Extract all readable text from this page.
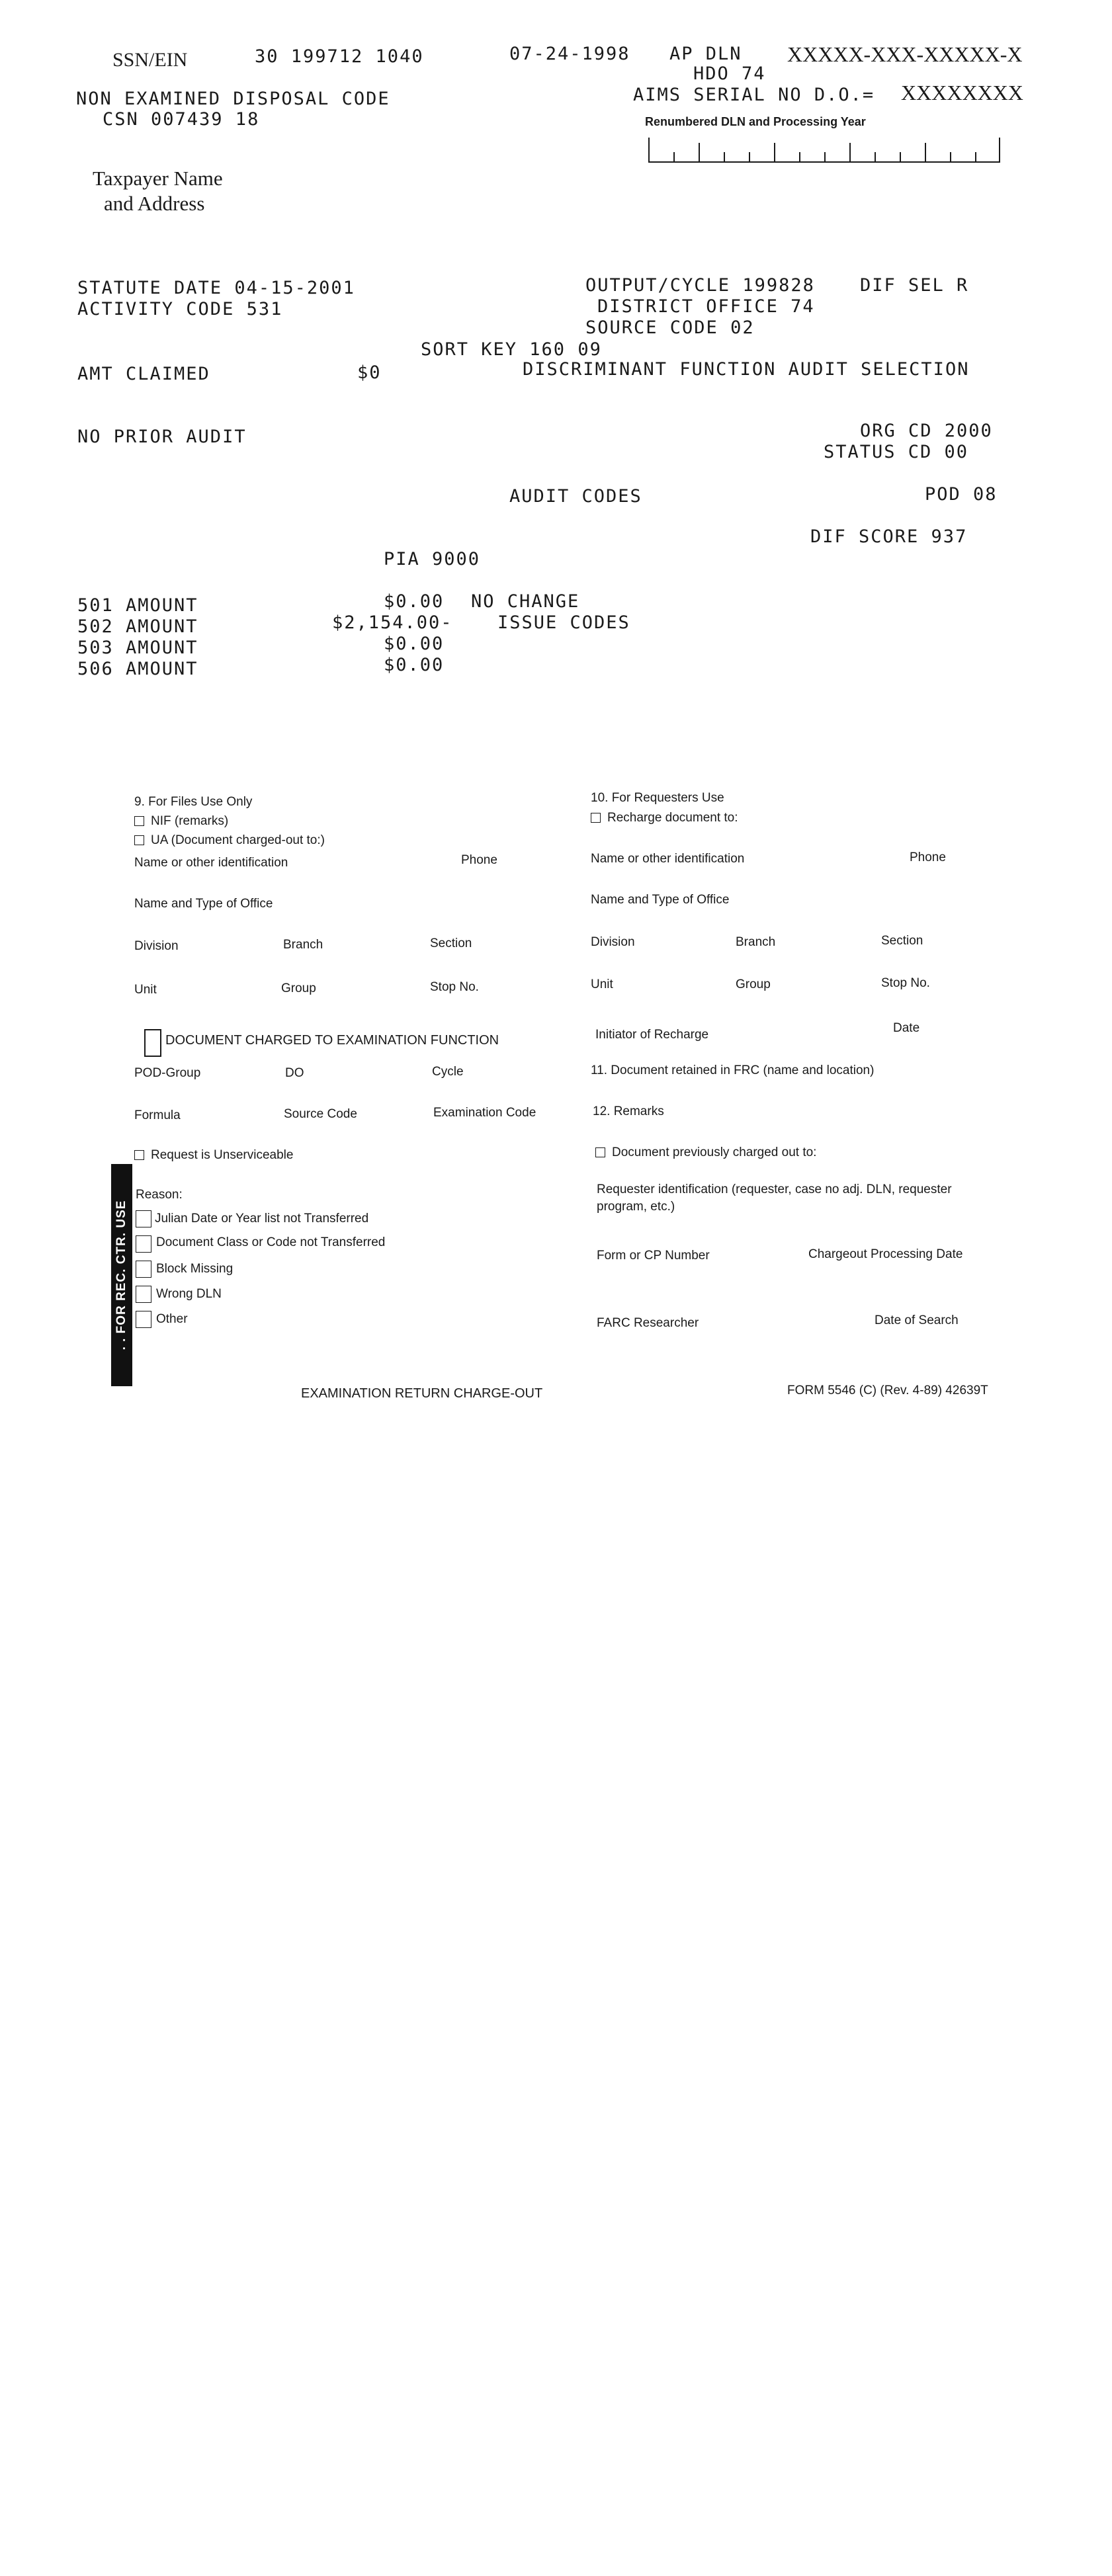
SSN/EIN	30 199712 1040	07-24-1998 AP DLN XXXXX-XXX-XXXXX-X
HDO 74
NON EXAMINED DISPOSAL CODE
CSN 007439 18
AIMS SERIAL NO D.O.= XXXXXXXX
Renumbered DLN and Processing Year
Taxpayer Name
and Address
STATUTE DATE 04-15-2001
ACTIVITY CODE 531
OUTPUT/CYCLE 199828	DIF SEL R
DISTRICT OFFICE 74
SOURCE CODE 02
SORT KEY 160 09
AMT CLAIMED	$0	DISCRIMINANT FUNCTION AUDIT SELECTION
NO PRIOR AUDIT	ORG CD 2000
STATUS CD 00
AUDIT CODES	POD 08
DIF SCORE 937
PIA 9000
501 AMOUNT	$0.00 NO CHANGE
502 AMOUNT	$2,154.00- ISSUE CODES
503 AMOUNT	$0.00
506 AMOUNT	$0.00
9. For Files Use Only
NIF (remarks)
UA (Document charged-out to:)
Name or other identification	Phone
Name and Type of Office
Division	Branch	Section
Unit	Group	Stop No.
DOCUMENT CHARGED TO EXAMINATION FUNCTION
POD-Group	DO	Cycle
Formula	Source Code	Examination Code
Request is Unserviceable
Reason:
Julian Date or Year list not Transferred
Document Class or Code not Transferred
Block Missing
Wrong DLN
Other
. . FOR REC. CTR. USE
10. For Requesters Use
Recharge document to:
Name or other identification	Phone
Name and Type of Office
Division	Branch	Section
Unit	Group	Stop No.
Initiator of Recharge	Date
11. Document retained in FRC (name and location)
12. Remarks
Document previously charged out to:
Requester identification (requester, case no adj. DLN, requester
program, etc.)
Form or CP Number	Chargeout Processing Date
FARC Researcher	Date of Search
EXAMINATION RETURN CHARGE-OUT	FORM 5546 (C) (Rev. 4-89) 42639T
